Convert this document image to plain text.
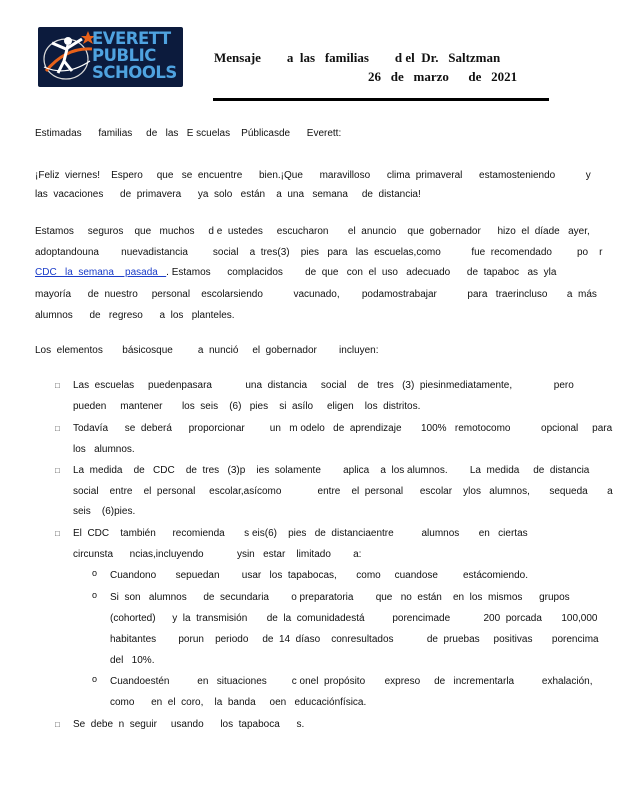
EVERETT
PUBLIC
SCHOOLS
Mensaje        a  las   familias        d el  Dr.   Saltzman
26   de   marzo      de   2021
Estimadas      familias     de   las   E scuelas    Públicasde      Everett:
¡Feliz  viernes!    Espero     que   se  encuentre      bien.¡Que      maravilloso      clima  primaveral      estamosteniendo           y
las  vacaciones      de  primavera      ya  solo   están    a  una   semana     de  distancia!
Estamos     seguros    que   muchos     d e  ustedes     escucharon       el  anuncio    que  gobernador      hizo  el  díade   ayer,
adoptandouna        nuevadistancia         social    a  tres(3)    pies   para   las  escuelas,como           fue  recomendado         po    r
CDC   la  semana    pasada   . Estamos      complacidos        de  que   con  el  uso   adecuado      de  tapaboc   as  yla
mayoría      de  nuestro     personal    escolarsiendo           vacunado,        podamostrabajar           para   traerincluso       a  más
alumnos      de   regreso      a  los   planteles.
Los  elementos       básicosque         a  nunció     el  gobernador        incluyen:
□ Las  escuelas     puedenpasara            una  distancia     social    de   tres   (3)  piesinmediatamente,               pero
pueden     mantener       los  seis    (6)   pies    si  asílo     eligen    los  distritos.
□ Todavía      se  deberá      proporcionar         un   m odelo   de  aprendizaje       100%   remotocomo           opcional     para
los   alumnos.
□ La  medida    de   CDC    de  tres   (3)p    ies  solamente        aplica    a  los alumnos.        La  medida     de  distancia
social    entre    el  personal     escolar,asícomo             entre    el  personal      escolar    ylos   alumnos,       sequeda       a
seis    (6)pies.
□ El  CDC    también      recomienda       s eis(6)    pies   de  distanciaentre          alumnos       en   ciertas
circunsta      ncias,incluyendo            ysin   estar    limitado        a:
o Cuandono       sepuedan        usar   los  tapabocas,       como     cuandose         estácomiendo.
o Si  son   alumnos      de  secundaria        o preparatoria        que   no  están    en  los  mismos      grupos
(cohorted)      y  la  transmisión       de  la  comunidadestá          porencimade            200  porcada       100,000
habitantes        porun    periodo     de  14  díaso    conresultados            de  pruebas     positivas       porencima
del   10%.
o Cuandoestén          en   situaciones         c onel  propósito       expreso     de   incrementarla          exhalación,
como      en  el  coro,    la  banda     oen   educaciónfísica.
□ Se  debe  n  seguir     usando      los  tapaboca      s.
